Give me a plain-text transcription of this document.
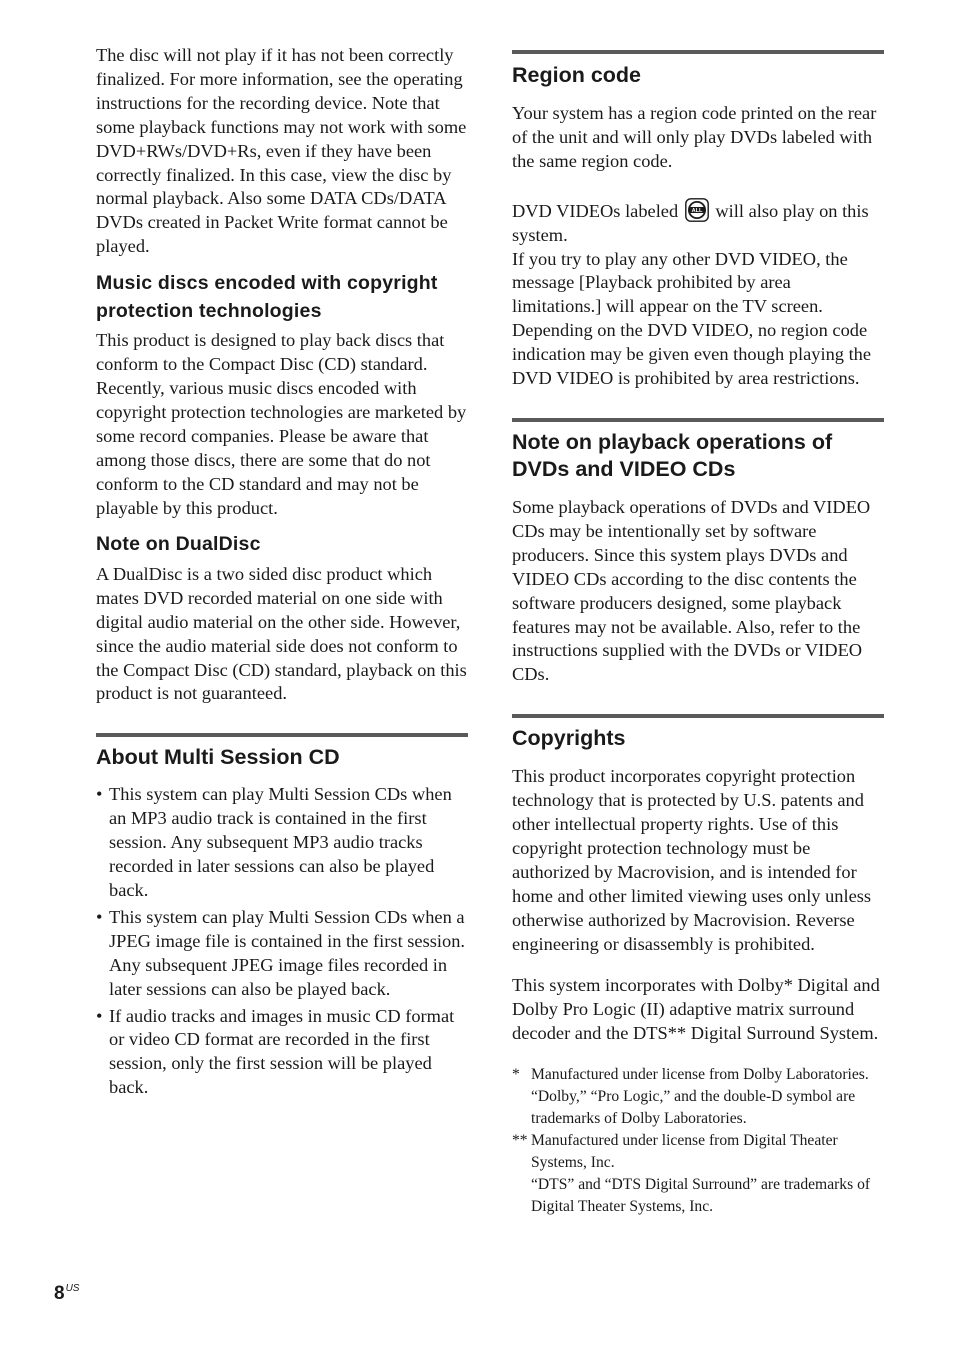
The disc will not play if it has not been correctly finalized. For more information, see the operating instructions for the recording device. Note that some playback functions may not work with some DVD+RWs/DVD+Rs, even if they have been correctly finalized. In this case, view the disc by normal playback. Also some DATA CDs/DATA DVDs created in Packet Write format cannot be played.

Music discs encoded with copyright protection technologies

This product is designed to play back discs that conform to the Compact Disc (CD) standard. Recently, various music discs encoded with copyright protection technologies are marketed by some record companies. Please be aware that among those discs, there are some that do not conform to the CD standard and may not be playable by this product.

Note on DualDisc

A DualDisc is a two sided disc product which mates DVD recorded material on one side with digital audio material on the other side. However, since the audio material side does not conform to the Compact Disc (CD) standard, playback on this product is not guaranteed.

About Multi Session CD
• This system can play Multi Session CDs when an MP3 audio track is contained in the first session. Any subsequent MP3 audio tracks recorded in later sessions can also be played back.
• This system can play Multi Session CDs when a JPEG image file is contained in the first session. Any subsequent JPEG image files recorded in later sessions can also be played back.
• If audio tracks and images in music CD format or video CD format are recorded in the first session, only the first session will be played back.
Region code

Your system has a region code printed on the rear of the unit and will only play DVDs labeled with the same region code.

DVD VIDEOs labeled ALL will also play on this system.

If you try to play any other DVD VIDEO, the message [Playback prohibited by area limitations.] will appear on the TV screen. Depending on the DVD VIDEO, no region code indication may be given even though playing the DVD VIDEO is prohibited by area restrictions.

Note on playback operations of DVDs and VIDEO CDs

Some playback operations of DVDs and VIDEO CDs may be intentionally set by software producers. Since this system plays DVDs and VIDEO CDs according to the disc contents the software producers designed, some playback features may not be available. Also, refer to the instructions supplied with the DVDs or VIDEO CDs.

Copyrights

This product incorporates copyright protection technology that is protected by U.S. patents and other intellectual property rights. Use of this copyright protection technology must be authorized by Macrovision, and is intended for home and other limited viewing uses only unless otherwise authorized by Macrovision. Reverse engineering or disassembly is prohibited.

This system incorporates with Dolby* Digital and Dolby Pro Logic (II) adaptive matrix surround decoder and the DTS** Digital Surround System.

* Manufactured under license from Dolby Laboratories.
“Dolby,” “Pro Logic,” and the double-D symbol are trademarks of Dolby Laboratories.
** Manufactured under license from Digital Theater Systems, Inc.
“DTS” and “DTS Digital Surround” are trademarks of Digital Theater Systems, Inc.
$8^{US}$
